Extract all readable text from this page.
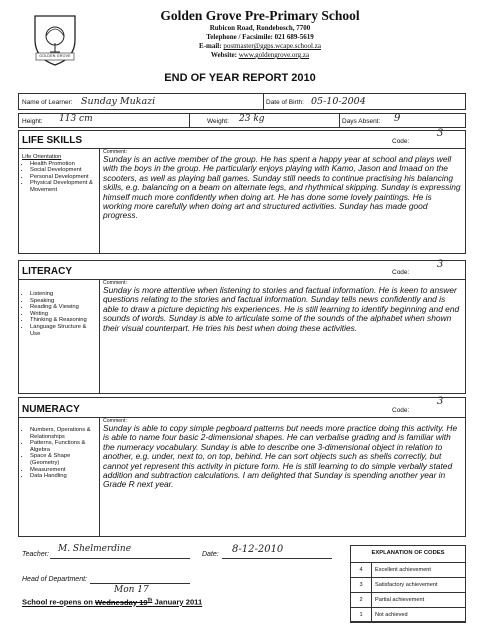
GOLDEN GROVE
Golden Grove Pre-Primary School
Rubicon Road, Rondebosch, 7700
Telephone / Facsimile: 021 689-5619
E-mail: postmaster@ggps.wcape.school.za
Website: www.goldengrove.org.za
END OF YEAR REPORT 2010
Name of Learner: Sunday Mukazi	Date of Birth: 05-10-2004
Height: 113 cm	Weight: 23 kg	Days Absent: 9
LIFE SKILLS	Code:
3
Life Orientation
• Health Promotion
• Social Development
• Personal Development
• Physical Development & Movement
Comment:
Sunday is an active member of the group. He has spent a happy year at school and plays well with the boys in the group. He particularly enjoys playing with Kamo, Jason and Imaad on the scooters, as well as playing ball games. Sunday still needs to continue practising his balancing skills, e.g. balancing on a beam on alternate legs, and rhythmical skipping. Sunday is expressing himself much more confidently when doing art. He has done some lovely paintings. He is working more carefully when doing art and structured activities. Sunday has made good progress.
LITERACY	Code:
3
• Listening
• Speaking
• Reading & Viewing
• Writing
• Thinking & Reasoning
• Language Structure & Use
Comment:
Sunday is more attentive when listening to stories and factual information. He is keen to answer questions relating to the stories and factual information. Sunday tells news confidently and is able to draw a picture depicting his experiences. He is still learning to identify beginning and end sounds of words. Sunday is able to articulate some of the sounds of the alphabet when shown their visual counterpart. He tries his best when doing these activities.
NUMERACY	Code:
3
• Numbers, Operations & Relationships
• Patterns, Functions & Algebra
• Space & Shape (Geometry)
• Measurement
• Data Handling
Comment:
Sunday is able to copy simple pegboard patterns but needs more practice doing this activity. He is able to name four basic 2-dimensional shapes. He can verbalise grading and is familiar with the numeracy vocabulary. Sunday is able to describe one 3-dimensional object in relation to another, e.g. under, next to, on top, behind. He can sort objects such as shells correctly, but cannot yet represent this activity in picture form. He is still learning to do simple verbally stated addition and subtraction calculations. I am delighted that Sunday is spending another year in Grade R next year.
Teacher:
M. Shelmerdine
Date: 8-12-2010
Head of Department:
Mon 17
School re-opens on Wednesday 19th January 2011
EXPLANATION OF CODES
4	Excellent achievement
3	Satisfactory achievement
2	Partial achievement
1	Not achieved
